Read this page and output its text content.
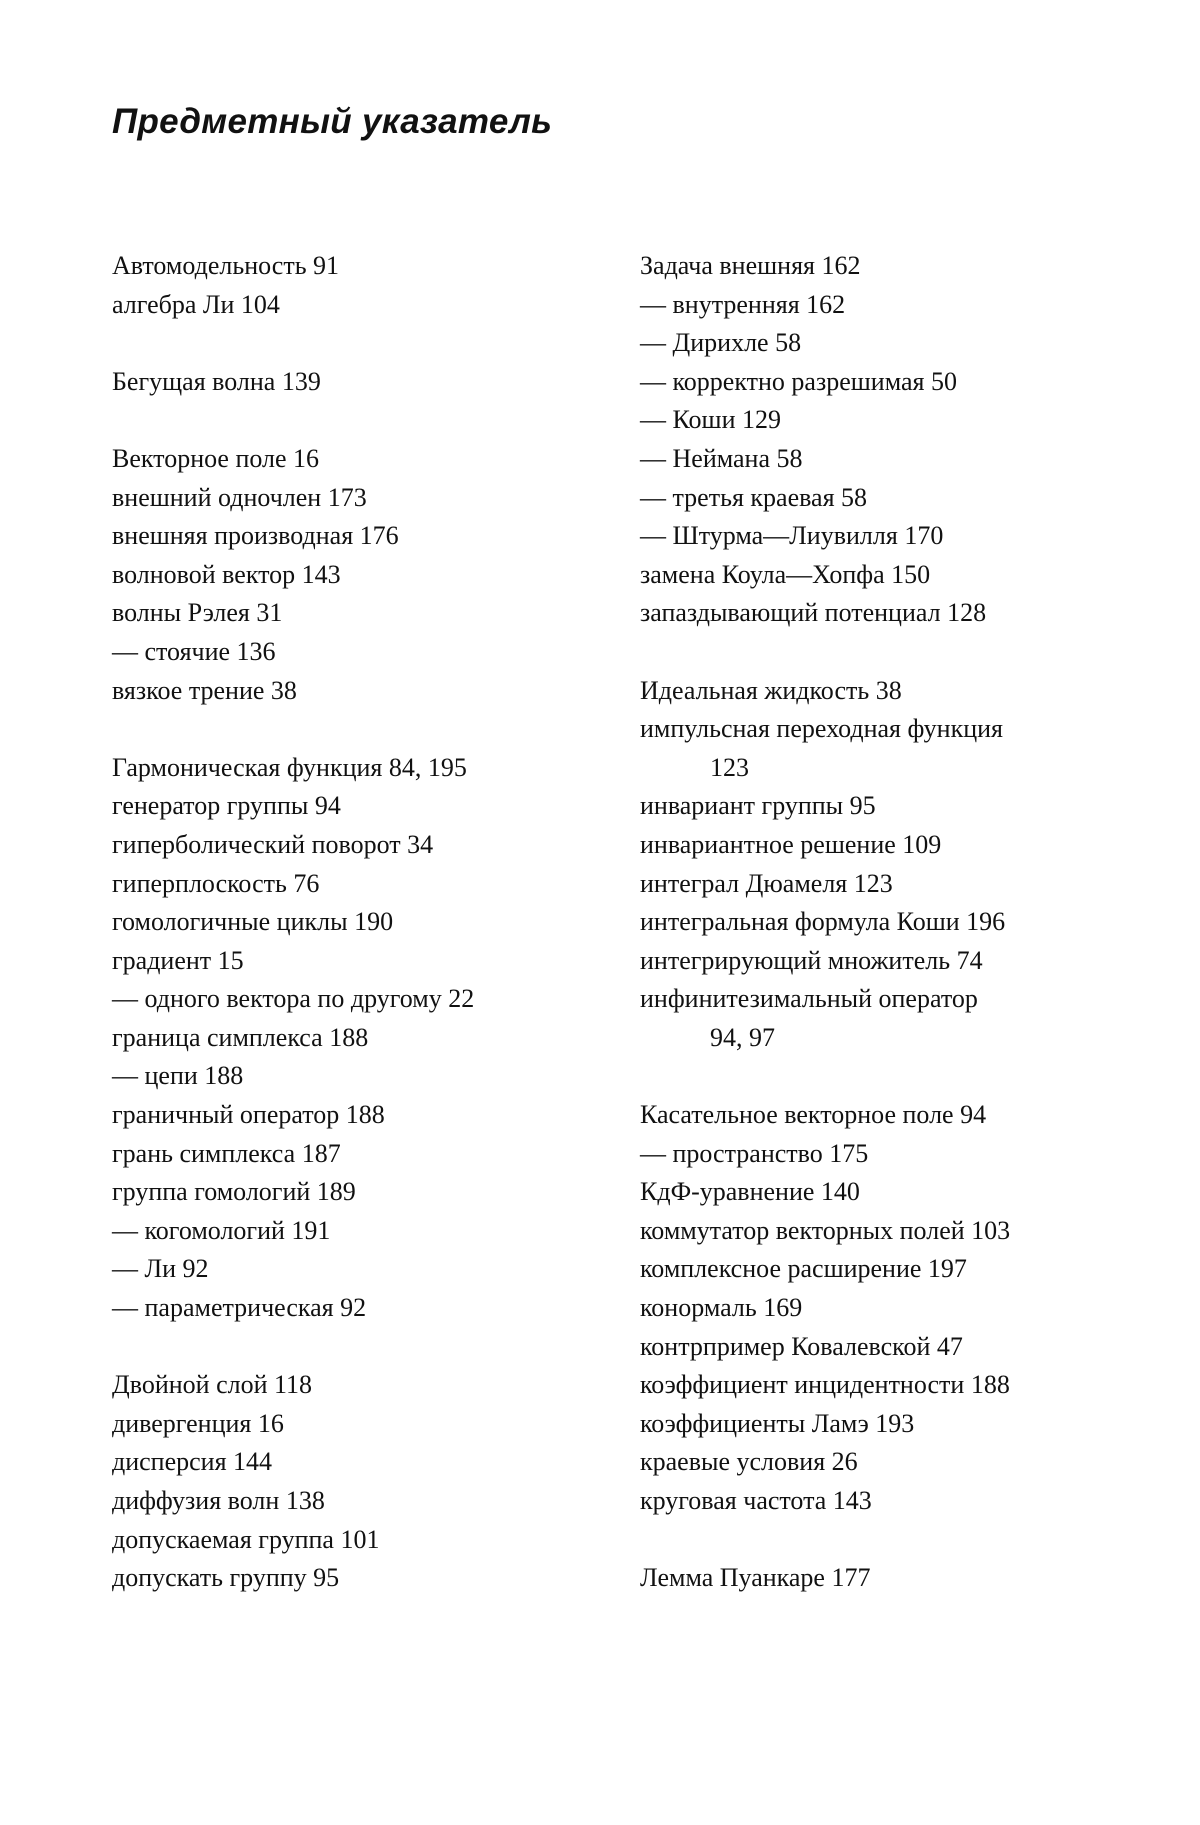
Предметный указатель
Автомодельность 91
алгебра Ли 104
Бегущая волна 139
Векторное поле 16
внешний одночлен 173
внешняя производная 176
волновой вектор 143
волны Рэлея 31
— стоячие 136
вязкое трение 38
Гармоническая функция 84, 195
генератор группы 94
гиперболический поворот 34
гиперплоскость 76
гомологичные циклы 190
градиент 15
— одного вектора по другому 22
граница симплекса 188
— цепи 188
граничный оператор 188
грань симплекса 187
группа гомологий 189
— когомологий 191
— Ли 92
— параметрическая 92
Двойной слой 118
дивергенция 16
дисперсия 144
диффузия волн 138
допускаемая группа 101
допускать группу 95
Задача внешняя 162
— внутренняя 162
— Дирихле 58
— корректно разрешимая 50
— Коши 129
— Неймана 58
— третья краевая 58
— Штурма—Лиувилля 170
замена Коула—Хопфа 150
запаздывающий потенциал 128
Идеальная жидкость 38
импульсная переходная функция
123
инвариант группы 95
инвариантное решение 109
интеграл Дюамеля 123
интегральная формула Коши 196
интегрирующий множитель 74
инфинитезимальный оператор
94, 97
Касательное векторное поле 94
— пространство 175
КдФ-уравнение 140
коммутатор векторных полей 103
комплексное расширение 197
конормаль 169
контрпример Ковалевской 47
коэффициент инцидентности 188
коэффициенты Ламэ 193
краевые условия 26
круговая частота 143
Лемма Пуанкаре 177
